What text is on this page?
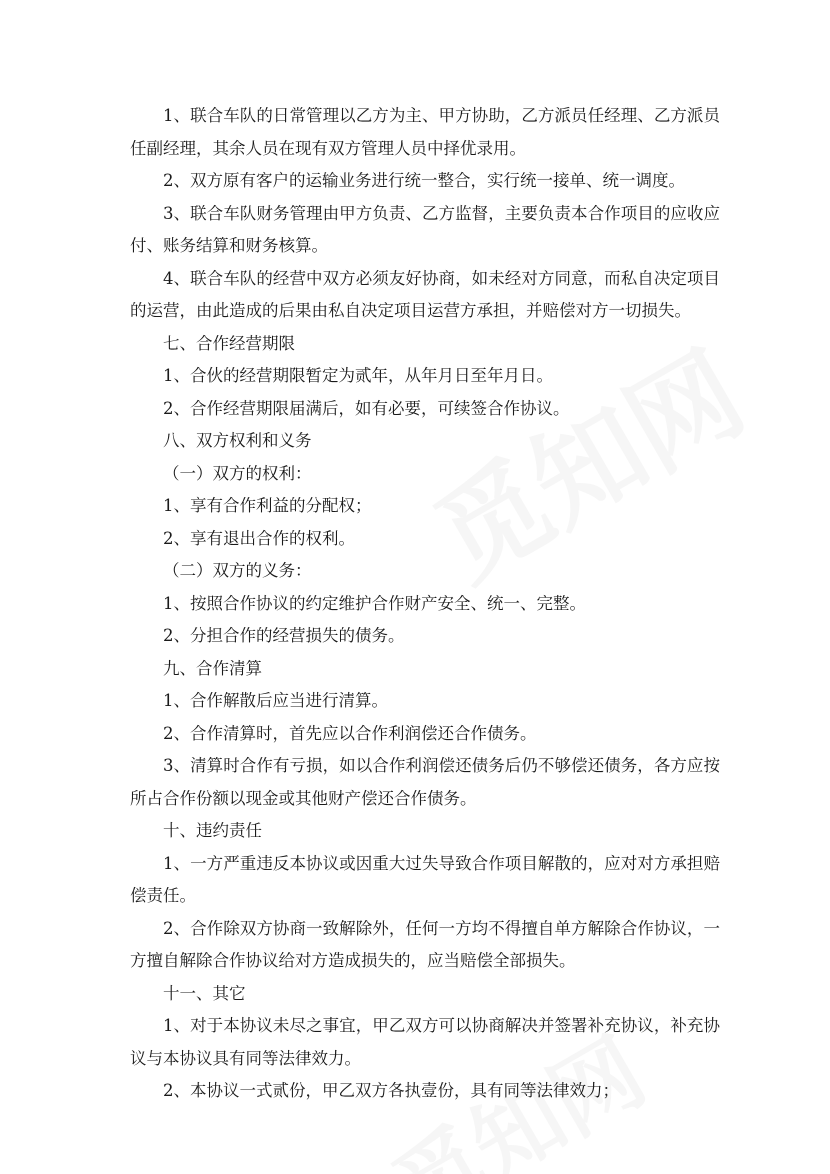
1、联合车队的日常管理以乙方为主、甲方协助，乙方派员任经理、乙方派员任副经理，其余人员在现有双方管理人员中择优录用。

2、双方原有客户的运输业务进行统一整合，实行统一接单、统一调度。

3、联合车队财务管理由甲方负责、乙方监督，主要负责本合作项目的应收应付、账务结算和财务核算。

4、联合车队的经营中双方必须友好协商，如未经对方同意，而私自决定项目的运营，由此造成的后果由私自决定项目运营方承担，并赔偿对方一切损失。

七、合作经营期限

1、合伙的经营期限暂定为贰年，从年月日至年月日。

2、合作经营期限届满后，如有必要，可续签合作协议。

八、双方权利和义务

（一）双方的权利：

1、享有合作利益的分配权；

2、享有退出合作的权利。

（二）双方的义务：

1、按照合作协议的约定维护合作财产安全、统一、完整。

2、分担合作的经营损失的债务。

九、合作清算

1、合作解散后应当进行清算。

2、合作清算时，首先应以合作利润偿还合作债务。

3、清算时合作有亏损，如以合作利润偿还债务后仍不够偿还债务，各方应按所占合作份额以现金或其他财产偿还合作债务。

十、违约责任

1、一方严重违反本协议或因重大过失导致合作项目解散的，应对对方承担赔偿责任。

2、合作除双方协商一致解除外，任何一方均不得擅自单方解除合作协议，一方擅自解除合作协议给对方造成损失的，应当赔偿全部损失。

十一、其它

1、对于本协议未尽之事宜，甲乙双方可以协商解决并签署补充协议，补充协议与本协议具有同等法律效力。

2、本协议一式贰份，甲乙双方各执壹份，具有同等法律效力；
